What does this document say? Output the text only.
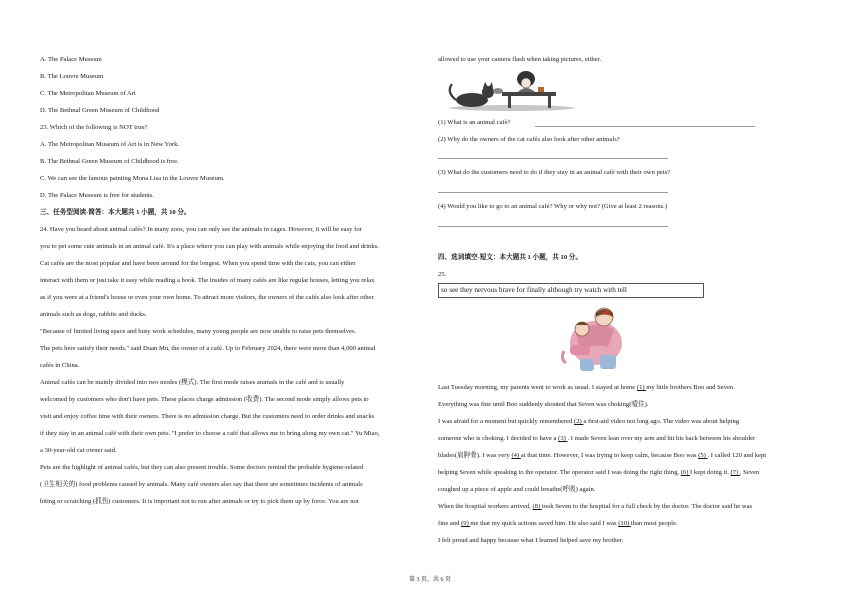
A. The Palace Museum
B. The Louvre Museum
C. The Metropolitan Museum of Art
D. The Bethnal Green Museum of Childhood
23. Which of the following is NOT true?
A. The Metropolitan Museum of Art is in New York.
B. The Bethnal Green Museum of Childhood is free.
C. We can see the famous painting Mona Lisa in the Louvre Museum.
D. The Palace Museum is free for students.
三、任务型阅读-简答：本大题共 1 小题，共 10 分。
24. Have you heard about animal cafés? In many zoos, you can only see the animals in cages. However, it will be easy for
you to pet some cute animals in an animal café. It's a place where you can play with animals while enjoying the food and drinks.
Cat cafés are the most popular and have been around for the longest. When you spend time with the cats, you can either
interact with them or just take it easy while reading a book. The insides of many cafés are like regular houses, letting you relax
as if you were at a friend's house or even your own home. To attract more visitors, the owners of the cafés also look after other
animals such as dogs, rabbits and ducks.
"Because of limited living space and busy work schedules, many young people are now unable to raise pets themselves.
The pets here satisfy their needs." said Duan Mu, the owner of a café. Up to February 2024, there were more than 4,000 animal
cafés in China.
Animal cafés can be mainly divided into two modes (模式). The first mode raises animals in the café and is usually
welcomed by customers who don't have pets. These places charge admission (收费). The second mode simply allows pets to
visit and enjoy coffee time with their owners. There is no admission charge. But the customers need to order drinks and snacks
if they stay in an animal café with their own pets. "I prefer to choose a café that allows me to bring along my own cat." Yu Miao,
a 30-year-old cat owner said.
Pets are the highlight of animal cafés, but they can also present trouble. Some doctors remind the probable hygiene-related
(卫生相关的) food problems caused by animals. Many café owners also say that there are sometimes incidents of animals
biting or scratching (抓伤) customers. It is important not to run after animals or try to pick them up by force. You are not
allowed to use your camera flash when taking pictures, either.
(1) What is an animal café?
(2) Why do the owners of the cat cafés also look after other animals?
(3) What do the customers need to do if they stay in an animal café with their own pets?
(4) Would you like to go to an animal café? Why or why not? (Give at least 2 reasons.)
四、选词填空-短文：本大题共 1 小题，共 10 分。
25.
so see they nervous brave for finally although try watch with tell
Last Tuesday morning, my parents went to work as usual. I stayed at home (1) my little brothers Boo and Seven.
Everything was fine until Boo suddenly shouted that Seven was choking(噎住).
I was afraid for a moment but quickly remembered (2) a first-aid video not long ago. The video was about helping
someone who is choking. I decided to have a (3) . I made Seven lean over my arm and hit his back between his shoulder
blades(肩胛骨). I was very (4) at that time. However, I was trying to keep calm, because Boo was (5) . I called 120 and kept
helping Seven while speaking to the operator. The operator said I was doing the right thing, (6) I kept doing it. (7) , Seven
coughed up a piece of apple and could breathe(呼吸) again.
When the hospital workers arrived, (8) took Seven to the hospital for a full check by the doctor. The doctor said he was
fine and (9) me that my quick actions saved him. He also said I was (10) than most people.
I felt proud and happy because what I learned helped save my brother.
第 3 页，共 6 页
